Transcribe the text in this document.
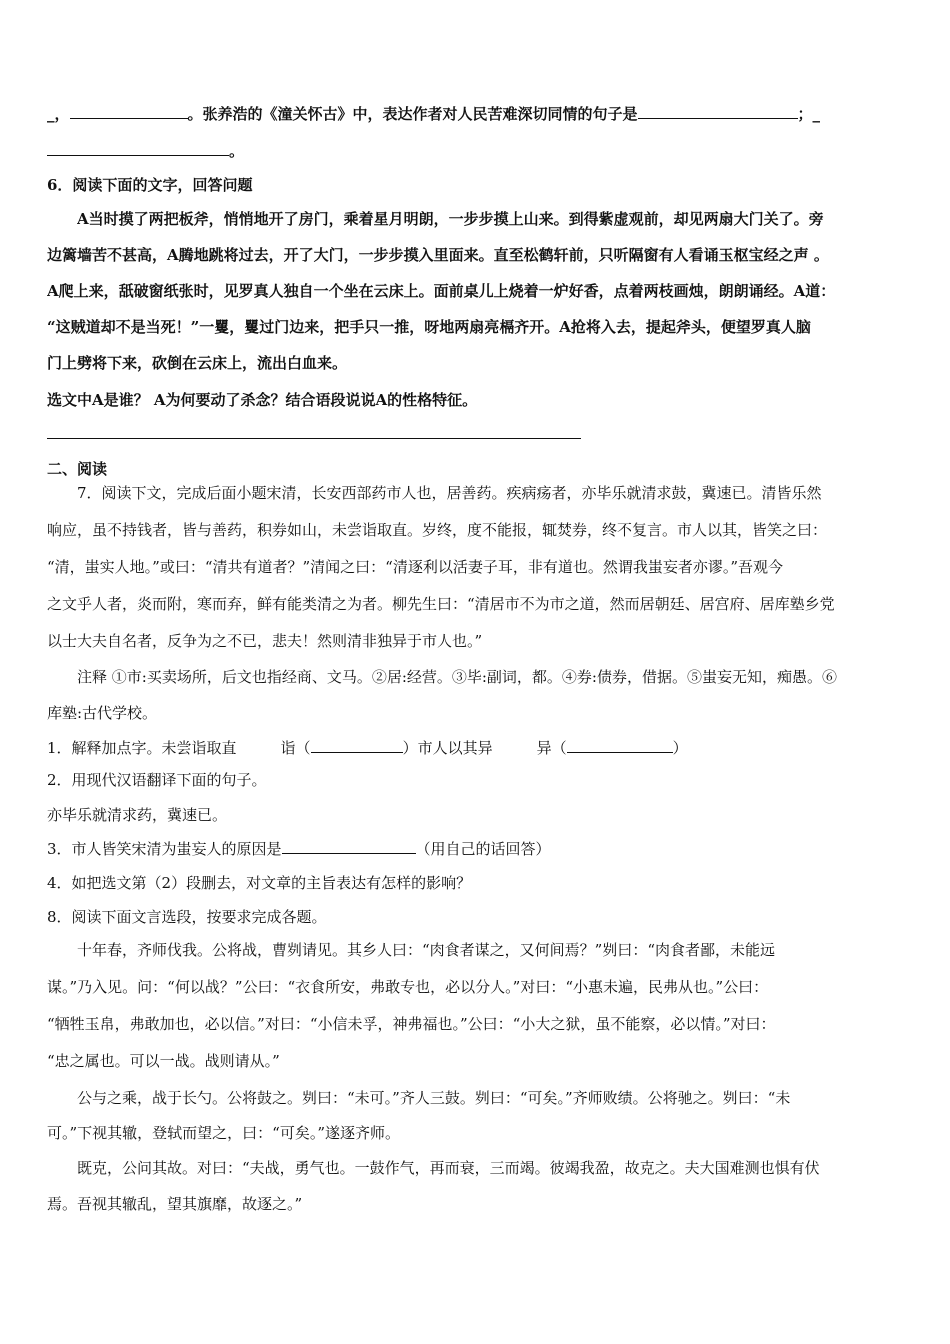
_，	。张养浩的《潼关怀古》中，表达作者对人民苦难深切同情的句子是	；_
。
6．阅读下面的文字，回答问题
A当时摸了两把板斧，悄悄地开了房门，乘着星月明朗，一步步摸上山来。到得紫虚观前，却见两扇大门关了。旁
边篱墙苦不甚高，A腾地跳将过去，开了大门，一步步摸入里面来。直至松鹤轩前，只听隔窗有人看诵玉枢宝经之声 。
A爬上来，舐破窗纸张时，见罗真人独自一个坐在云床上。面前桌儿上烧着一炉好香，点着两枝画烛，朗朗诵经。A道：
“这贼道却不是当死！”一矍，矍过门边来，把手只一推，呀地两扇亮槅齐开。A抢将入去，提起斧头，便望罗真人脑
门上劈将下来，砍倒在云床上，流出白血来。
选文中A是谁？ A为何要动了杀念？结合语段说说A的性格特征。
二、阅读
7．阅读下文，完成后面小题宋清，长安西部药市人也，居善药。疾病疡者，亦毕乐就清求鼓，冀速已。清皆乐然
响应，虽不持钱者，皆与善药，积券如山，未尝诣取直。岁终，度不能报，辄焚券，终不复言。市人以其，皆笑之曰：
“清，蚩实人地。”或曰：“清共有道者？”清闻之曰：“清逐利以活妻子耳，非有道也。然谓我蚩妄者亦谬。”吾观今
之文乎人者，炎而附，寒而弃，鲜有能类清之为者。柳先生曰：“清居市不为市之道，然而居朝廷、居宫府、居库塾乡党
以士大夫自名者，反争为之不已，悲夫！然则清非独异于市人也。”
注释 ①市:买卖场所，后文也指经商、文马。②居:经营。③毕:副词，都。④券:债券，借据。⑤蚩妄无知，痴愚。⑥
库塾:古代学校。
1．解释加点字。未尝诣取直	诣（	）市人以其异	异（	）
2．用现代汉语翻译下面的句子。
亦毕乐就清求药，冀速已。
3．市人皆笑宋清为蚩妄人的原因是	（用自己的话回答）
4．如把选文第（2）段删去，对文章的主旨表达有怎样的影响？
8．阅读下面文言选段，按要求完成各题。
十年春，齐师伐我。公将战，曹刿请见。其乡人曰：“肉食者谋之，又何间焉？”刿曰：“肉食者鄙，未能远
谋。”乃入见。问：“何以战？”公曰：“衣食所安，弗敢专也，必以分人。”对曰：“小惠未遍，民弗从也。”公曰：
“牺牲玉帛，弗敢加也，必以信。”对曰：“小信未孚，神弗福也。”公曰：“小大之狱，虽不能察，必以情。”对曰：
“忠之属也。可以一战。战则请从。”
公与之乘，战于长勺。公将鼓之。刿曰：“未可。”齐人三鼓。刿曰：“可矣。”齐师败绩。公将驰之。刿曰：“未
可。”下视其辙，登轼而望之，曰：“可矣。”遂逐齐师。
既克，公问其故。对曰：“夫战，勇气也。一鼓作气，再而衰，三而竭。彼竭我盈，故克之。夫大国难测也惧有伏
焉。吾视其辙乱，望其旗靡，故逐之。”
